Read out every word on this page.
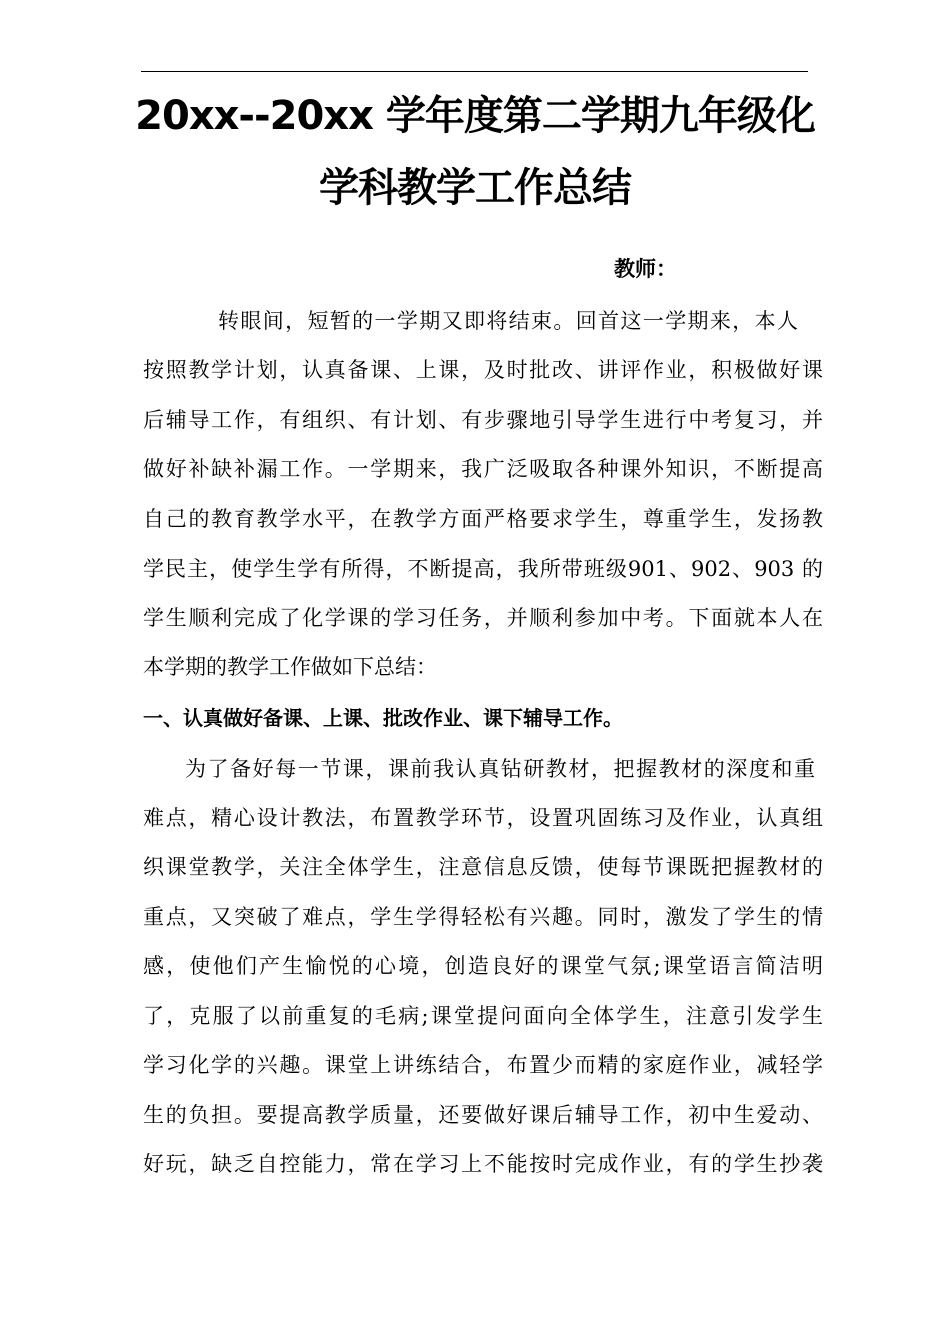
20xx--20xx 学年度第二学期九年级化
学科教学工作总结
教师：
转眼间，短暂的一学期又即将结束。回首这一学期来，本人
按照教学计划，认真备课、上课，及时批改、讲评作业，积极做好课
后辅导工作，有组织、有计划、有步骤地引导学生进行中考复习，并
做好补缺补漏工作。一学期来，我广泛吸取各种课外知识，不断提高
自己的教育教学水平，在教学方面严格要求学生，尊重学生，发扬教
学民主，使学生学有所得，不断提高，我所带班级901、902、903 的
学生顺利完成了化学课的学习任务，并顺利参加中考。下面就本人在
本学期的教学工作做如下总结：
一、认真做好备课、上课、批改作业、课下辅导工作。
为了备好每一节课，课前我认真钻研教材，把握教材的深度和重
难点，精心设计教法，布置教学环节，设置巩固练习及作业，认真组
织课堂教学，关注全体学生，注意信息反馈，使每节课既把握教材的
重点，又突破了难点，学生学得轻松有兴趣。同时，激发了学生的情
感，使他们产生愉悦的心境，创造良好的课堂气氛;课堂语言简洁明
了，克服了以前重复的毛病;课堂提问面向全体学生，注意引发学生
学习化学的兴趣。课堂上讲练结合，布置少而精的家庭作业，减轻学
生的负担。要提高教学质量，还要做好课后辅导工作，初中生爱动、
好玩，缺乏自控能力，常在学习上不能按时完成作业，有的学生抄袭
